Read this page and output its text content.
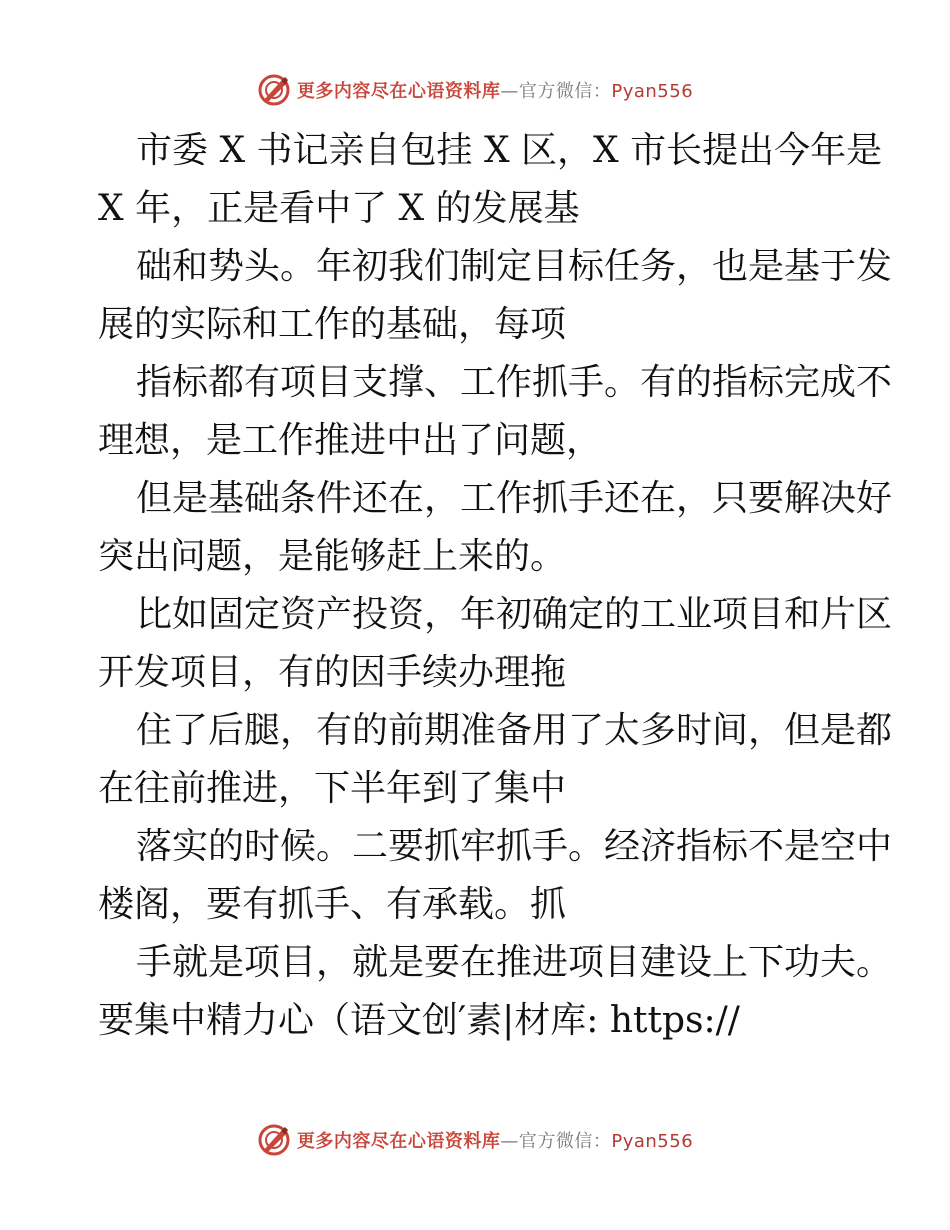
更多内容尽在心语资料库—官方微信：Pyan556

市委 X 书记亲自包挂 X 区，X 市长提出今年是
X 年，正是看中了 X 的发展基

础和势头。年初我们制定目标任务，也是基于发
展的实际和工作的基础，每项

指标都有项目支撑、工作抓手。有的指标完成不
理想，是工作推进中出了问题，

但是基础条件还在，工作抓手还在，只要解决好
突出问题，是能够赶上来的。

比如固定资产投资，年初确定的工业项目和片区
开发项目，有的因手续办理拖

住了后腿，有的前期准备用了太多时间，但是都
在往前推进，下半年到了集中

落实的时候。二要抓牢抓手。经济指标不是空中
楼阁，要有抓手、有承载。抓

手就是项目，就是要在推进项目建设上下功夫。
要集中精力心（语文创′素|材库: https://

更多内容尽在心语资料库—官方微信：Pyan556
